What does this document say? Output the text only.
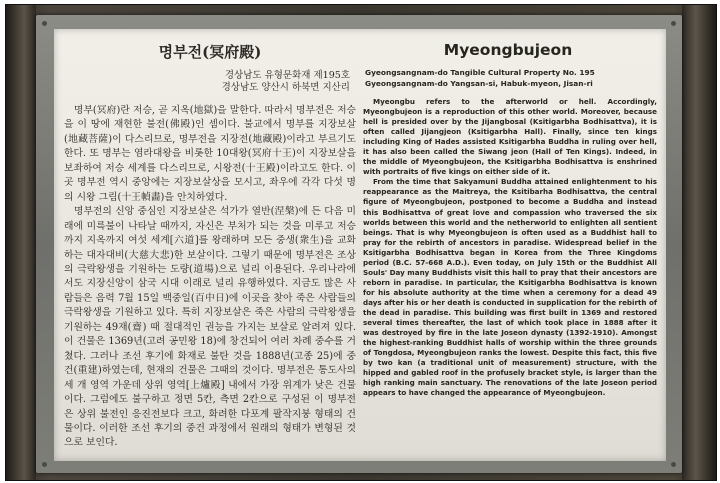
명부전(冥府殿)
경상남도 유형문화재 제195호
경상남도 양산시 하북면 지산리

명부(冥府)란 저승, 곧 지옥(地獄)을 말한다. 따라서 명부전은 저승을 이 땅에 재현한 불전(佛殿)인 셈이다. 불교에서 명부를 지장보살(地藏菩薩)이 다스리므로, 명부전을 지장전(地藏殿)이라고 부르기도 한다. 또 명부는 염라대왕을 비롯한 10대왕(冥府十王)이 지장보살을 보좌하여 저승 세계를 다스리므로, 시왕전(十王殿)이라고도 한다. 이곳 명부전 역시 중앙에는 지장보살상을 모시고, 좌우에 각각 다섯 명의 시왕 그림(十王幀畵)을 안치하였다.

명부전의 신앙 중심인 지장보살은 석가가 열반(涅槃)에 든 다음 미래에 미륵불이 나타날 때까지, 자신은 부처가 되는 것을 미루고 저승까지 지옥까지 여섯 세계[六道]를 왕래하며 모든 중생(衆生)을 교화하는 대자대비(大慈大悲)한 보살이다. 그렇기 때문에 명부전은 조상의 극락왕생을 기원하는 도량(道場)으로 널리 이용된다. 우리나라에서도 지장신앙이 삼국 시대 이래로 널리 유행하였다. 지금도 많은 사람들은 음력 7월 15일 백중일(百中日)에 이곳을 찾아 죽은 사람들의 극락왕생을 기원하고 있다. 특히 지장보살은 죽은 사람의 극락왕생을 기원하는 49재(齋) 때 절대적인 권능을 가지는 보살로 알려져 있다. 이 건물은 1369년(고려 공민왕 18)에 창건되어 여러 차례 중수를 거쳤다. 그러나 조선 후기에 화재로 불탄 것을 1888년(고종 25)에 중건(重建)하였는데, 현재의 건물은 그때의 것이다. 명부전은 통도사의 세 개 영역 가운데 상위 영역[上爐殿] 내에서 가장 위계가 낮은 건물이다. 그럼에도 불구하고 정면 5칸, 측면 2칸으로 구성된 이 명부전은 상위 불전인 응진전보다 크고, 화려한 다포계 팔작지붕 형태의 건물이다. 이러한 조선 후기의 중건 과정에서 원래의 형태가 변형된 것으로 보인다.

Myeongbujeon
Gyeongsangnam-do Tangible Cultural Property No. 195
Gyeongsangnam-do Yangsan-si, Habuk-myeon, Jisan-ri

Myeongbu refers to the afterworld or hell. Accordingly, Myeongbujeon is a reproduction of this other world. Moreover, because hell is presided over by the Jijangbosal (Ksitigarbha Bodhisattva), it is often called Jijangjeon (Ksitigarbha Hall). Finally, since ten kings including King of Hades assisted Ksitigarbha Buddha in ruling over hell, it has also been called the Siwang jeon (Hall of Ten Kings). Indeed, in the middle of Myeongbujeon, the Ksitigarbha Bodhisattva is enshrined with portraits of five kings on either side of it.

From the time that Sakyamuni Buddha attained enlightenment to his reappearance as the Maitreya, the Ksitibarha Bodhisattva, the central figure of Myeongbujeon, postponed to become a Buddha and instead this Bodhisattva of great love and compassion who traversed the six worlds between this world and the netherworld to enlighten all sentient beings. That is why Myeongbujeon is often used as a Buddhist hall to pray for the rebirth of ancestors in paradise. Widespread belief in the Ksitigarbha Bodhisattva began in Korea from the Three Kingdoms period (B.C. 57-668 A.D.). Even today, on July 15th or the Buddhist All Souls' Day many Buddhists visit this hall to pray that their ancestors are reborn in paradise. In particular, the Ksitigarbha Bodhisattva is known for his absolute authority at the time when a ceremony for a dead 49 days after his or her death is conducted in supplication for the rebirth of the dead in paradise. This building was first built in 1369 and restored several times thereafter, the last of which took place in 1888 after it was destroyed by fire in the late Joseon dynasty (1392-1910). Amongst the highest-ranking Buddhist halls of worship within the three grounds of Tongdosa, Myeongbujeon ranks the lowest. Despite this fact, this five by two kan (a traditional unit of measurement) structure, with the hipped and gabled roof in the profusely bracket style, is larger than the high ranking main sanctuary. The renovations of the late Joseon period appears to have changed the appearance of Myeongbujeon.
